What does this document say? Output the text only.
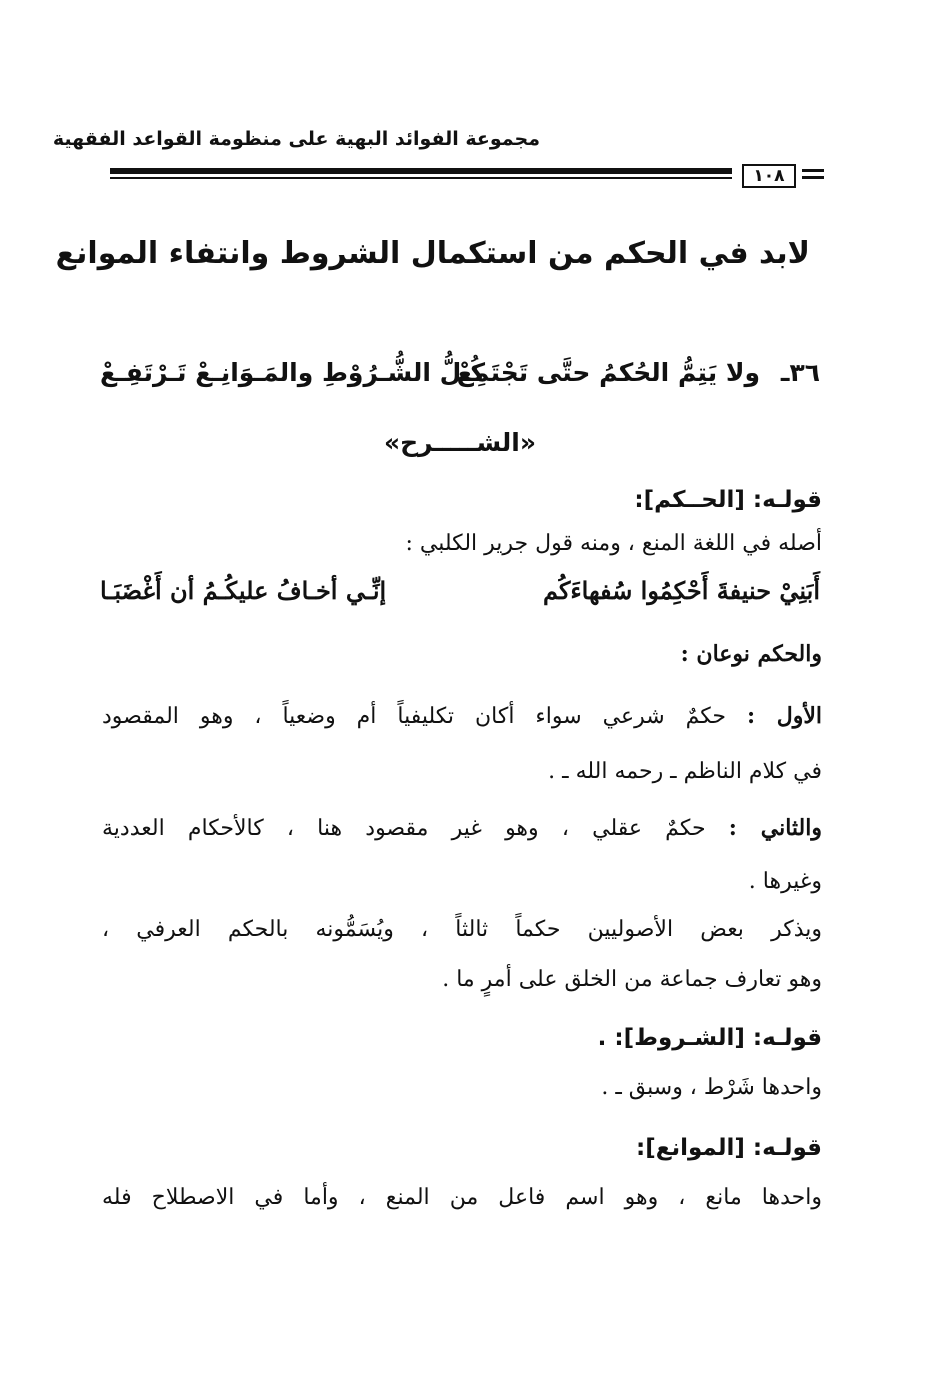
مجموعة الفوائد البهية على منظومة القواعد الفقهية
١٠٨
لابد في الحكم من استكمال الشروط وانتفاء الموانع
٣٦ـ
ولا يَتِمُّ الحُكمُ حتَّى تَجْتَمِعْ
كُـلُّ الشُّـرُوْطِ والمَـوَانِـعْ تَـرْتَفِـعْ
«الشـــــرح»
قولـه: [الحــكم]:
أصله في اللغة المنع ، ومنه قول جرير الكلبي :
أَبَنِيْ حنيفةَ أَحْكِمُوا سُفهاءَكُم
إنِّـي أخـافُ عليكُـمُ أن أَغْضَبَـا
والحكم نوعان :
الأول : حكمٌ شرعي سواء أكان تكليفياً أم وضعياً ، وهو المقصود
في كلام الناظم ـ رحمه الله ـ .
والثاني : حكمٌ عقلي ، وهو غير مقصود هنا ، كالأحكام العددية
وغيرها .
ويذكر بعض الأصوليين حكماً ثالثاً ، ويُسَمُّونه بالحكم العرفي ،
وهو تعارف جماعة من الخلق على أمرٍ ما .
قولـه: [الشـروط]: .
واحدها شَرْط ، وسبق ـ .
قولـه: [الموانع]:
واحدها مانع ، وهو اسم فاعل من المنع ، وأما في الاصطلاح فله
